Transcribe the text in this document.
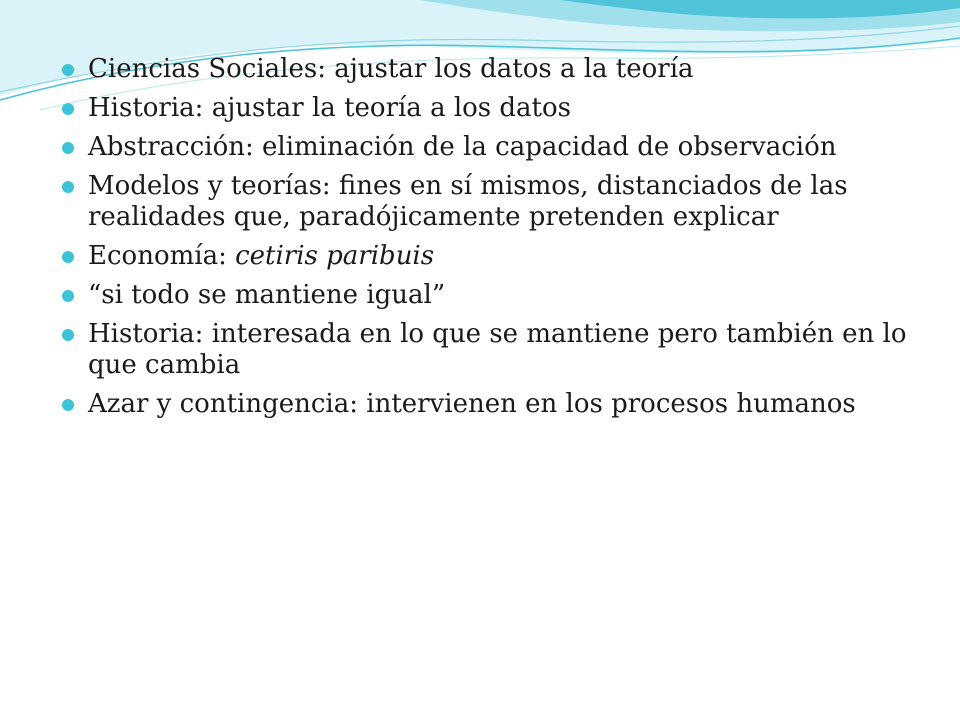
Ciencias Sociales: ajustar los datos a la teoría
Historia: ajustar la teoría a los datos
Abstracción: eliminación de la capacidad de observación
Modelos y teorías: fines en sí mismos, distanciados de las realidades que, paradójicamente pretenden explicar
Economía: cetiris paribuis
“si todo se mantiene igual”
Historia: interesada en lo que se mantiene pero también en lo que cambia
Azar y contingencia: intervienen en los procesos humanos
